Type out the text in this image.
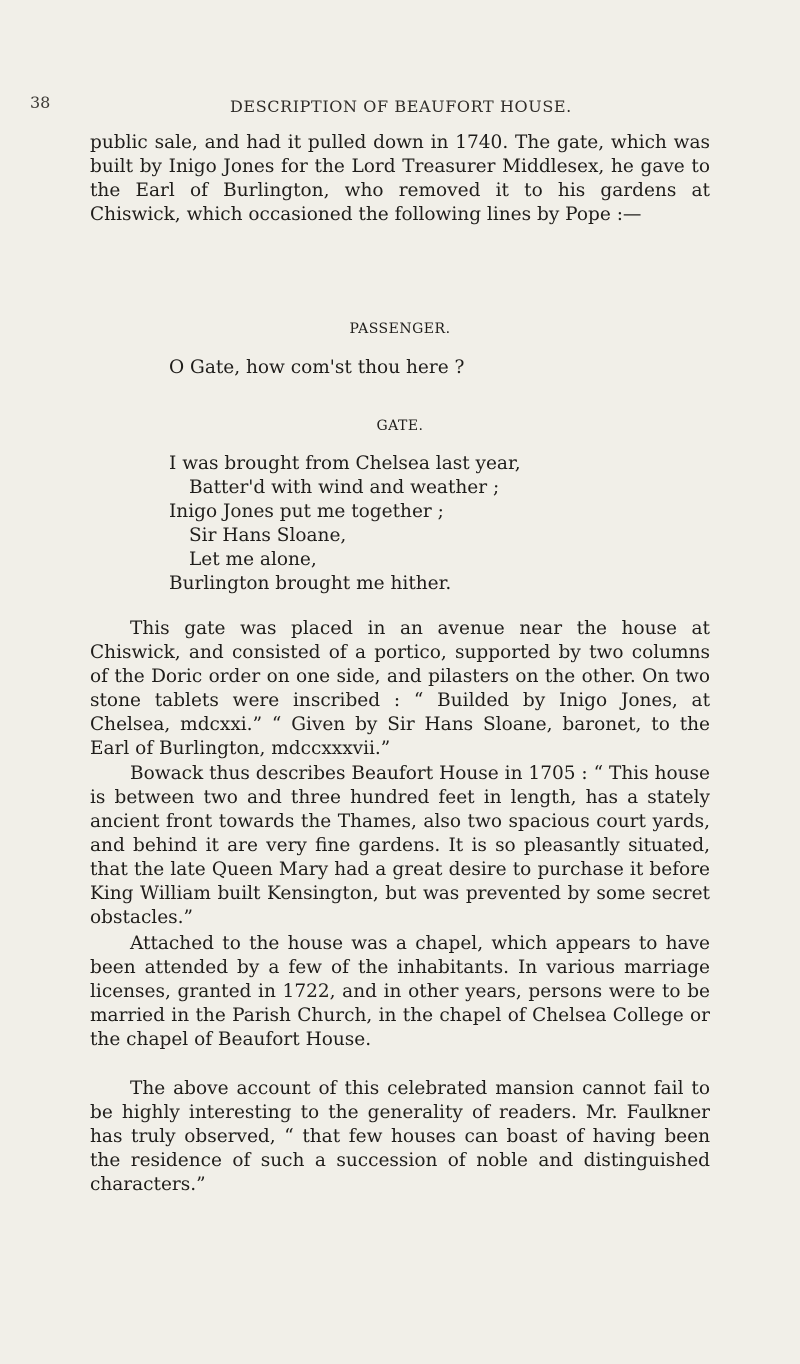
38	DESCRIPTION OF BEAUFORT HOUSE.

public sale, and had it pulled down in 1740. The gate, which was built by Inigo Jones for the Lord Treasurer Middlesex, he gave to the Earl of Burlington, who removed it to his gardens at Chiswick, which occasioned the following lines by Pope :—

PASSENGER.

O Gate, how com'st thou here ?

GATE.

I was brought from Chelsea last year,

Batter'd with wind and weather ;

Inigo Jones put me together ;

Sir Hans Sloane,

Let me alone,

Burlington brought me hither.

This gate was placed in an avenue near the house at Chiswick, and consisted of a portico, supported by two columns of the Doric order on one side, and pilasters on the other. On two stone tablets were inscribed : “ Builded by Inigo Jones, at Chelsea, mdcxxi.” “ Given by Sir Hans Sloane, baronet, to the Earl of Burlington, mdccxxxvii.”

Bowack thus describes Beaufort House in 1705 : “ This house is between two and three hundred feet in length, has a stately ancient front towards the Thames, also two spacious court yards, and behind it are very fine gardens. It is so pleasantly situated, that the late Queen Mary had a great desire to purchase it before King William built Kensington, but was prevented by some secret obstacles.”

Attached to the house was a chapel, which appears to have been attended by a few of the inhabitants. In various marriage licenses, granted in 1722, and in other years, persons were to be married in the Parish Church, in the chapel of Chelsea College or the chapel of Beaufort House.

The above account of this celebrated mansion cannot fail to be highly interesting to the generality of readers. Mr. Faulkner has truly observed, “ that few houses can boast of having been the residence of such a succession of noble and distinguished characters.”
